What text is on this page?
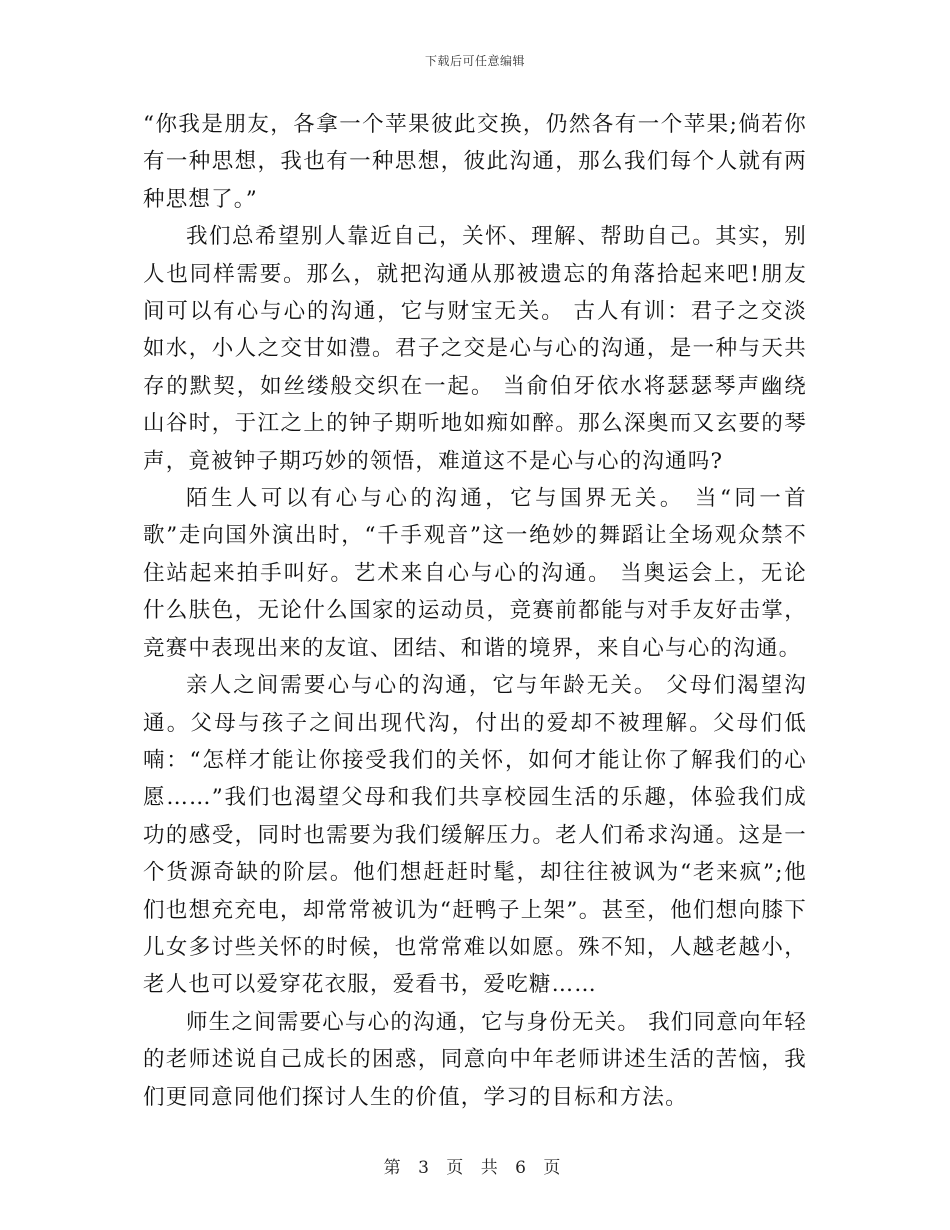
下载后可任意编辑

“你我是朋友，各拿一个苹果彼此交换，仍然各有一个苹果;倘若你有一种思想，我也有一种思想，彼此沟通，那么我们每个人就有两种思想了。”

我们总希望别人靠近自己，关怀、理解、帮助自己。其实，别人也同样需要。那么，就把沟通从那被遗忘的角落拾起来吧!朋友间可以有心与心的沟通，它与财宝无关。 古人有训：君子之交淡如水，小人之交甘如澧。君子之交是心与心的沟通，是一种与天共存的默契，如丝缕般交织在一起。 当俞伯牙依水将瑟瑟琴声幽绕山谷时，于江之上的钟子期听地如痴如醉。那么深奥而又玄要的琴声，竟被钟子期巧妙的领悟，难道这不是心与心的沟通吗?

陌生人可以有心与心的沟通，它与国界无关。 当“同一首歌”走向国外演出时，“千手观音”这一绝妙的舞蹈让全场观众禁不住站起来拍手叫好。艺术来自心与心的沟通。 当奥运会上，无论什么肤色，无论什么国家的运动员，竞赛前都能与对手友好击掌，竞赛中表现出来的友谊、团结、和谐的境界，来自心与心的沟通。

亲人之间需要心与心的沟通，它与年龄无关。 父母们渴望沟通。父母与孩子之间出现代沟，付出的爱却不被理解。父母们低喃：“怎样才能让你接受我们的关怀，如何才能让你了解我们的心愿……”我们也渴望父母和我们共享校园生活的乐趣，体验我们成功的感受，同时也需要为我们缓解压力。老人们希求沟通。这是一个货源奇缺的阶层。他们想赶赶时髦，却往往被讽为“老来疯”;他们也想充充电，却常常被讥为“赶鸭子上架”。甚至，他们想向膝下儿女多讨些关怀的时候，也常常难以如愿。殊不知，人越老越小，老人也可以爱穿花衣服，爱看书，爱吃糖……

师生之间需要心与心的沟通，它与身份无关。 我们同意向年轻的老师述说自己成长的困惑，同意向中年老师讲述生活的苦恼，我们更同意同他们探讨人生的价值，学习的目标和方法。

第 3 页 共 6 页
